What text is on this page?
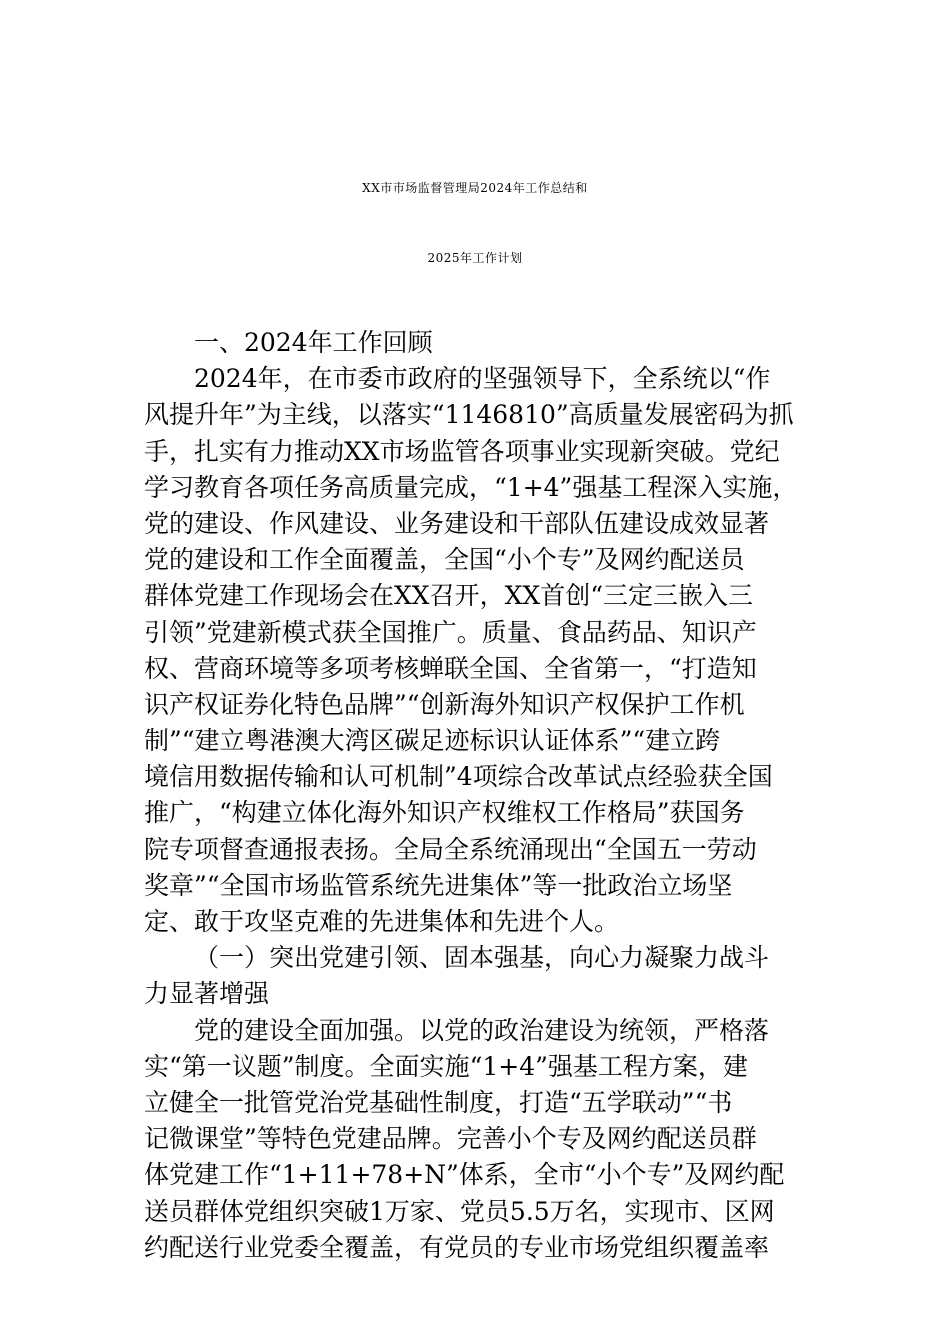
XX市市场监督管理局2024年工作总结和
2025年工作计划
一、2024年工作回顾
2024年，在市委市政府的坚强领导下，全系统以“作
风提升年”为主线，以落实“1146810”高质量发展密码为抓
手，扎实有力推动XX市场监管各项事业实现新突破。党纪
学习教育各项任务高质量完成，“1+4”强基工程深入实施，
党的建设、作风建设、业务建设和干部队伍建设成效显著
党的建设和工作全面覆盖，全国“小个专”及网约配送员
群体党建工作现场会在XX召开，XX首创“三定三嵌入三
引领”党建新模式获全国推广。质量、食品药品、知识产
权、营商环境等多项考核蝉联全国、全省第一，“打造知
识产权证券化特色品牌”“创新海外知识产权保护工作机
制”“建立粤港澳大湾区碳足迹标识认证体系”“建立跨
境信用数据传输和认可机制”4项综合改革试点经验获全国
推广，“构建立体化海外知识产权维权工作格局”获国务
院专项督查通报表扬。全局全系统涌现出“全国五一劳动
奖章”“全国市场监管系统先进集体”等一批政治立场坚
定、敢于攻坚克难的先进集体和先进个人。
（一）突出党建引领、固本强基，向心力凝聚力战斗
力显著增强
党的建设全面加强。以党的政治建设为统领，严格落
实“第一议题”制度。全面实施“1+4”强基工程方案，建
立健全一批管党治党基础性制度，打造“五学联动”“书
记微课堂”等特色党建品牌。完善小个专及网约配送员群
体党建工作“1+11+78+N”体系，全市“小个专”及网约配
送员群体党组织突破1万家、党员5.5万名，实现市、区网
约配送行业党委全覆盖，有党员的专业市场党组织覆盖率
